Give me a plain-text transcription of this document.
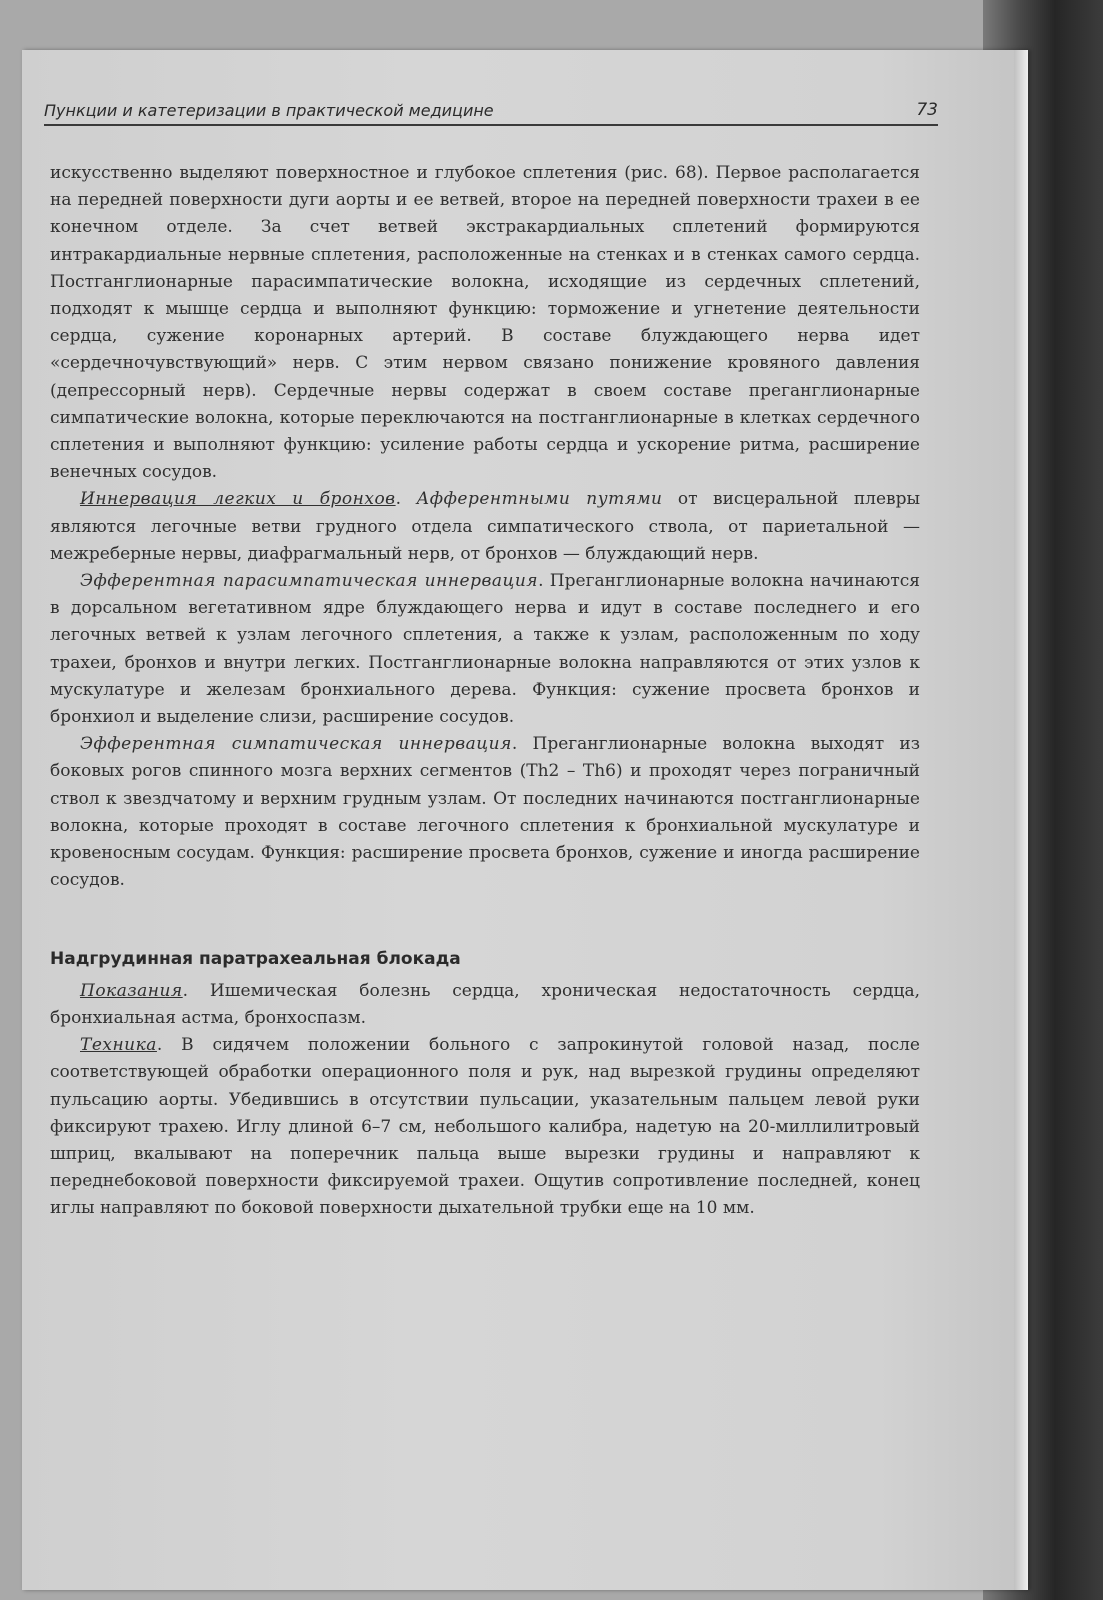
Пункции и катетеризации в практической медицине	73

искусственно выделяют поверхностное и глубокое сплетения (рис. 68). Первое располагается на передней поверхности дуги аорты и ее ветвей, второе на передней поверхности трахеи в ее конечном отделе. За счет ветвей экстракардиальных сплетений формируются интракардиальные нервные сплетения, расположенные на стенках и в стенках самого сердца. Постганглионарные парасимпатические волокна, исходящие из сердечных сплетений, подходят к мышце сердца и выполняют функцию: торможение и угнетение деятельности сердца, сужение коронарных артерий. В составе блуждающего нерва идет «сердечночувствующий» нерв. С этим нервом связано понижение кровяного давления (депрессорный нерв). Сердечные нервы содержат в своем составе преганглионарные симпатические волокна, которые переключаются на постганглионарные в клетках сердечного сплетения и выполняют функцию: усиление работы сердца и ускорение ритма, расширение венечных сосудов.

Иннервация легких и бронхов. Афферентными путями от висцеральной плевры являются легочные ветви грудного отдела симпатического ствола, от париетальной — межреберные нервы, диафрагмальный нерв, от бронхов — блуждающий нерв.

Эфферентная парасимпатическая иннервация. Преганглионарные волокна начинаются в дорсальном вегетативном ядре блуждающего нерва и идут в составе последнего и его легочных ветвей к узлам легочного сплетения, а также к узлам, расположенным по ходу трахеи, бронхов и внутри легких. Постганглионарные волокна направляются от этих узлов к мускулатуре и железам бронхиального дерева. Функция: сужение просвета бронхов и бронхиол и выделение слизи, расширение сосудов.

Эфферентная симпатическая иннервация. Преганглионарные волокна выходят из боковых рогов спинного мозга верхних сегментов (Th2 – Th6) и проходят через пограничный ствол к звездчатому и верхним грудным узлам. От последних начинаются постганглионарные волокна, которые проходят в составе легочного сплетения к бронхиальной мускулатуре и кровеносным сосудам. Функция: расширение просвета бронхов, сужение и иногда расширение сосудов.

Надгрудинная паратрахеальная блокада

Показания. Ишемическая болезнь сердца, хроническая недостаточность сердца, бронхиальная астма, бронхоспазм.

Техника. В сидячем положении больного с запрокинутой головой назад, после соответствующей обработки операционного поля и рук, над вырезкой грудины определяют пульсацию аорты. Убедившись в отсутствии пульсации, указательным пальцем левой руки фиксируют трахею. Иглу длиной 6–7 см, небольшого калибра, надетую на 20-миллилитровый шприц, вкалывают на поперечник пальца выше вырезки грудины и направляют к переднебоковой поверхности фиксируемой трахеи. Ощутив сопротивление последней, конец иглы направляют по боковой поверхности дыхательной трубки еще на 10 мм.
